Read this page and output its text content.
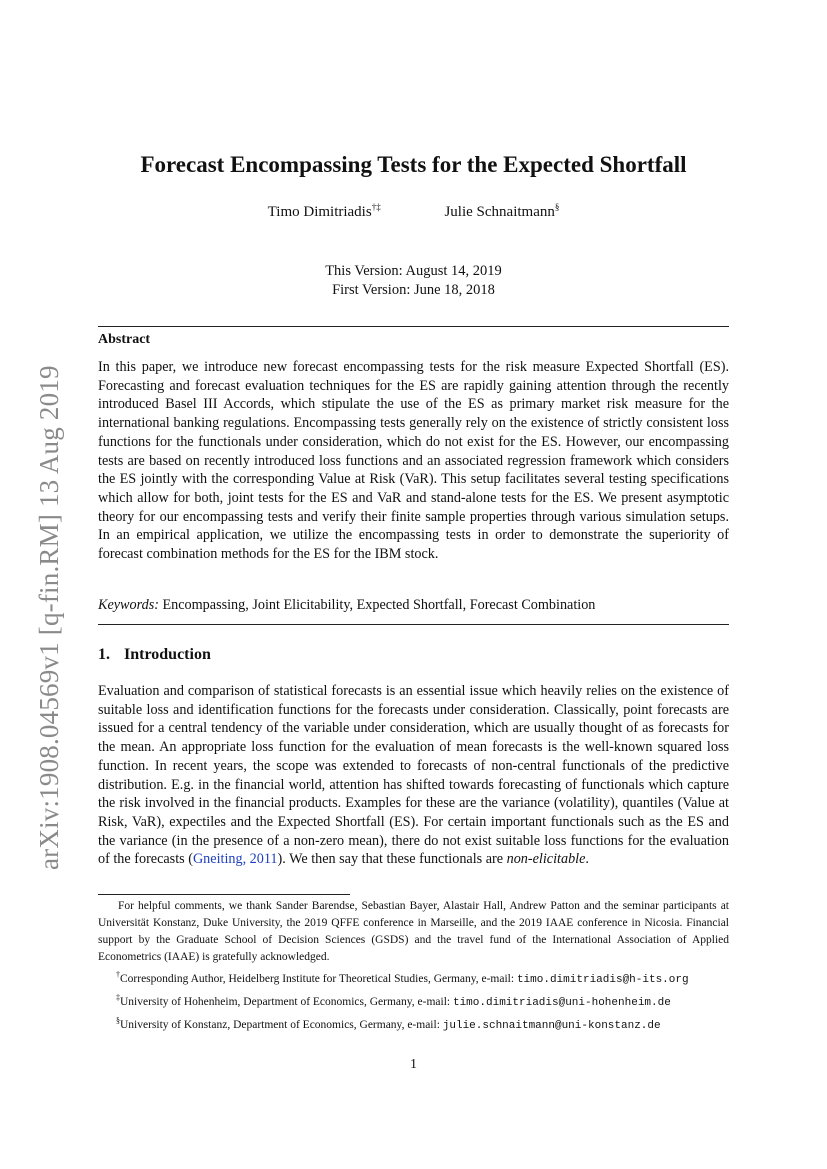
arXiv:1908.04569v1 [q-fin.RM] 13 Aug 2019
Forecast Encompassing Tests for the Expected Shortfall
Timo Dimitriadis†‡	Julie Schnaitmann§
This Version: August 14, 2019
First Version: June 18, 2018
Abstract

In this paper, we introduce new forecast encompassing tests for the risk measure Expected Shortfall (ES). Forecasting and forecast evaluation techniques for the ES are rapidly gaining attention through the recently introduced Basel III Accords, which stipulate the use of the ES as primary market risk measure for the international banking regulations. Encompassing tests generally rely on the existence of strictly consistent loss functions for the functionals under consideration, which do not exist for the ES. However, our encompassing tests are based on recently introduced loss functions and an associated regression framework which considers the ES jointly with the corresponding Value at Risk (VaR). This setup facilitates several testing specifications which allow for both, joint tests for the ES and VaR and stand-alone tests for the ES. We present asymptotic theory for our encompassing tests and verify their finite sample properties through various simulation setups. In an empirical application, we utilize the encompassing tests in order to demonstrate the superiority of forecast combination methods for the ES for the IBM stock.

Keywords: Encompassing, Joint Elicitability, Expected Shortfall, Forecast Combination
1. Introduction

Evaluation and comparison of statistical forecasts is an essential issue which heavily relies on the existence of suitable loss and identification functions for the forecasts under consideration. Classically, point forecasts are issued for a central tendency of the variable under consideration, which are usually thought of as forecasts for the mean. An appropriate loss function for the evaluation of mean forecasts is the well-known squared loss function. In recent years, the scope was extended to forecasts of non-central functionals of the predictive distribution. E.g. in the financial world, attention has shifted towards forecasting of functionals which capture the risk involved in the financial products. Examples for these are the variance (volatility), quantiles (Value at Risk, VaR), expectiles and the Expected Shortfall (ES). For certain important functionals such as the ES and the variance (in the presence of a non-zero mean), there do not exist suitable loss functions for the evaluation of the forecasts (Gneiting, 2011). We then say that these functionals are non-elicitable.

For helpful comments, we thank Sander Barendse, Sebastian Bayer, Alastair Hall, Andrew Patton and the seminar participants at Universität Konstanz, Duke University, the 2019 QFFE conference in Marseille, and the 2019 IAAE conference in Nicosia. Financial support by the Graduate School of Decision Sciences (GSDS) and the travel fund of the International Association of Applied Econometrics (IAAE) is gratefully acknowledged.

†Corresponding Author, Heidelberg Institute for Theoretical Studies, Germany, e-mail: timo.dimitriadis@h-its.org

‡University of Hohenheim, Department of Economics, Germany, e-mail: timo.dimitriadis@uni-hohenheim.de

§University of Konstanz, Department of Economics, Germany, e-mail: julie.schnaitmann@uni-konstanz.de

1
